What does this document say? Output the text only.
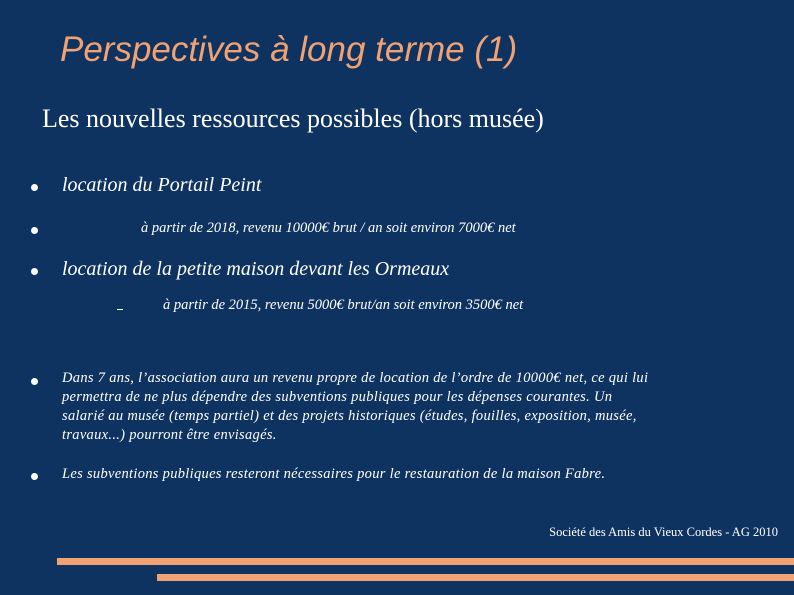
Perspectives à long terme (1)
Les nouvelles ressources possibles (hors musée)
location du Portail Peint
à partir de 2018, revenu 10000€ brut / an soit environ 7000€ net
location de la petite maison devant les Ormeaux
à partir de 2015, revenu 5000€ brut/an soit environ 3500€ net
Dans 7 ans, l’association aura un revenu propre de location de l’ordre de 10000€ net, ce qui lui
permettra de ne plus dépendre des subventions publiques pour les dépenses courantes. Un
salarié au musée (temps partiel) et des projets historiques (études, fouilles, exposition, musée,
travaux...) pourront être envisagés.
Les subventions publiques resteront nécessaires pour le restauration de la maison Fabre.
Société des Amis du Vieux Cordes - AG 2010
